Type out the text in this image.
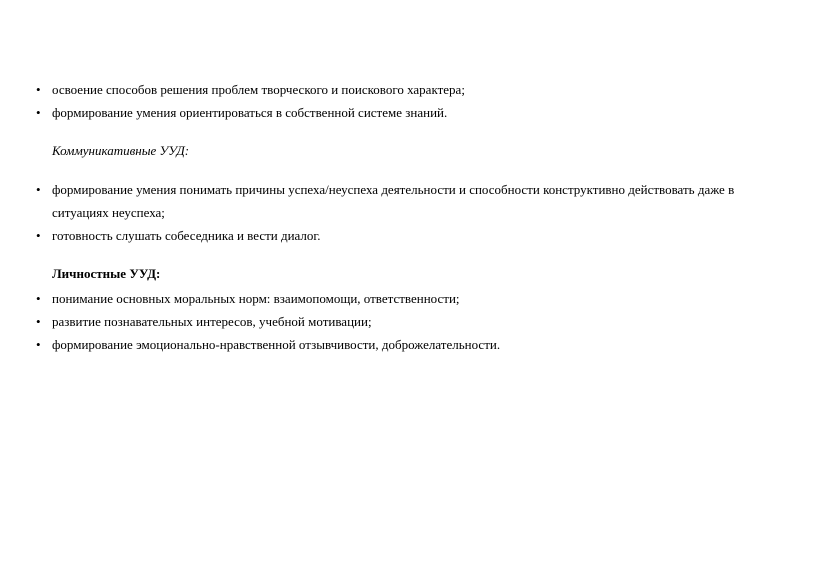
• освоение способов решения проблем творческого и поискового характера;
• формирование умения ориентироваться в собственной системе знаний.
Коммуникативные УУД:
• формирование умения понимать причины успеха/неуспеха деятельности и способности конструктивно действовать даже в ситуациях неуспеха;
• готовность слушать собеседника и вести диалог.
Личностные УУД:
• понимание основных моральных норм: взаимопомощи, ответственности;
• развитие познавательных интересов, учебной мотивации;
• формирование эмоционально-нравственной отзывчивости, доброжелательности.
